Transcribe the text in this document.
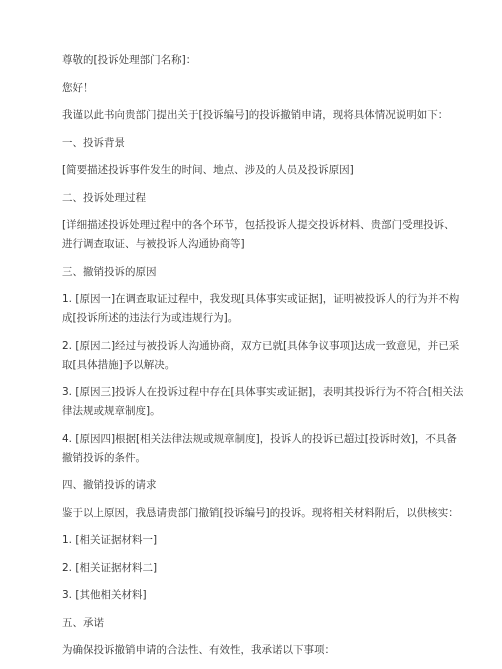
尊敬的[投诉处理部门名称]：

您好！

我谨以此书向贵部门提出关于[投诉编号]的投诉撤销申请，现将具体情况说明如下：

一、投诉背景

[简要描述投诉事件发生的时间、地点、涉及的人员及投诉原因]

二、投诉处理过程

[详细描述投诉处理过程中的各个环节，包括投诉人提交投诉材料、贵部门受理投诉、进行调查取证、与被投诉人沟通协商等]

三、撤销投诉的原因

1. [原因一]在调查取证过程中，我发现[具体事实或证据]，证明被投诉人的行为并不构成[投诉所述的违法行为或违规行为]。

2. [原因二]经过与被投诉人沟通协商，双方已就[具体争议事项]达成一致意见，并已采取[具体措施]予以解决。

3. [原因三]投诉人在投诉过程中存在[具体事实或证据]，表明其投诉行为不符合[相关法律法规或规章制度]。

4. [原因四]根据[相关法律法规或规章制度]，投诉人的投诉已超过[投诉时效]，不具备撤销投诉的条件。

四、撤销投诉的请求

鉴于以上原因，我恳请贵部门撤销[投诉编号]的投诉。现将相关材料附后，以供核实：

1. [相关证据材料一]

2. [相关证据材料二]

3. [其他相关材料]

五、承诺

为确保投诉撤销申请的合法性、有效性，我承诺以下事项：
